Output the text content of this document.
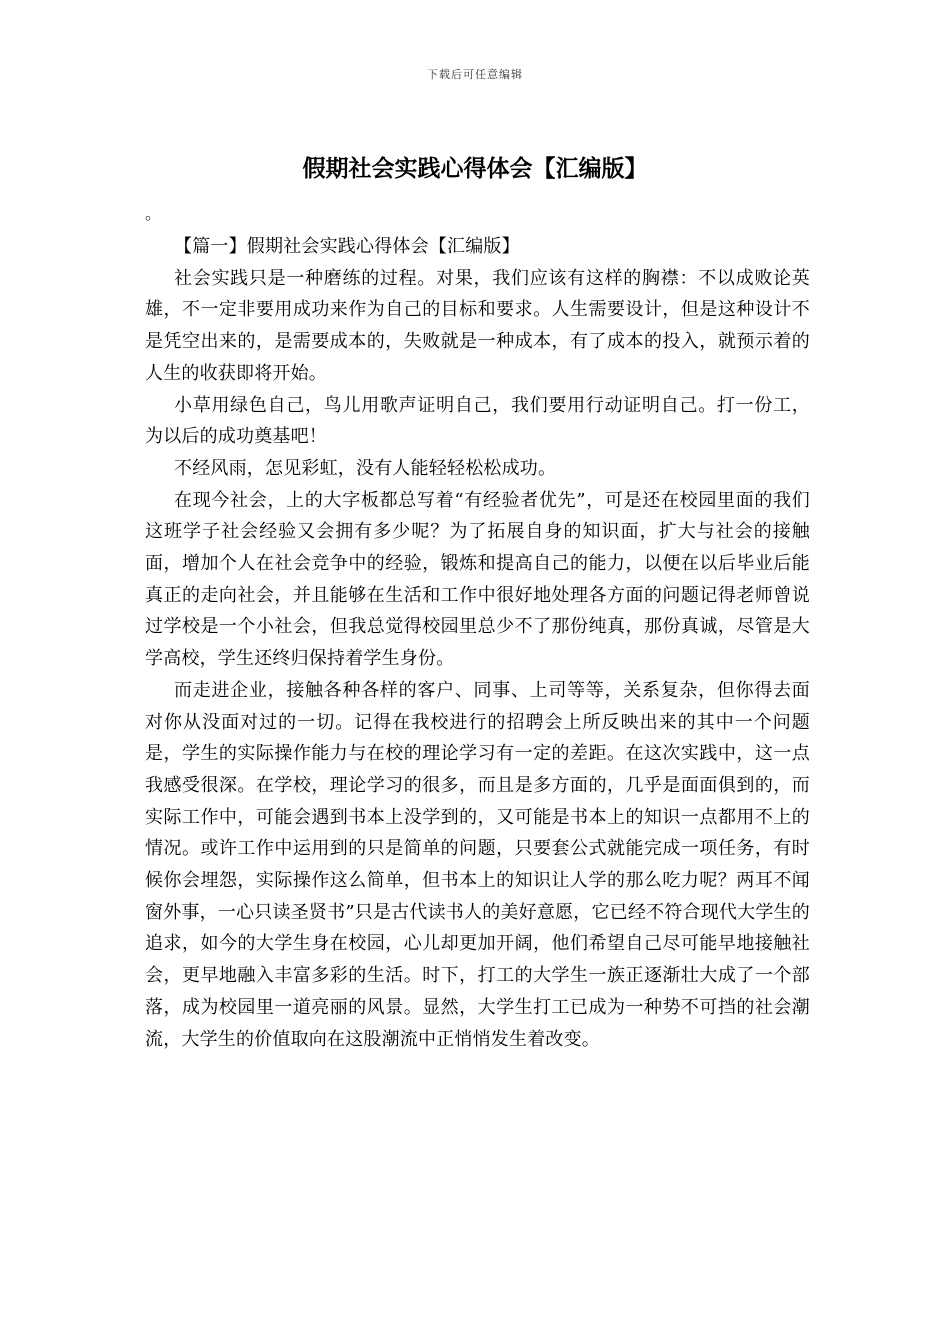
下载后可任意编辑
假期社会实践心得体会【汇编版】
。

【篇一】假期社会实践心得体会【汇编版】

社会实践只是一种磨练的过程。对果，我们应该有这样的胸襟：不以成败论英雄，不一定非要用成功来作为自己的目标和要求。人生需要设计，但是这种设计不是凭空出来的，是需要成本的，失败就是一种成本，有了成本的投入，就预示着的人生的收获即将开始。

小草用绿色自己，鸟儿用歌声证明自己，我们要用行动证明自己。打一份工，为以后的成功奠基吧！

不经风雨，怎见彩虹，没有人能轻轻松松成功。

在现今社会，上的大字板都总写着“有经验者优先”，可是还在校园里面的我们这班学子社会经验又会拥有多少呢？为了拓展自身的知识面，扩大与社会的接触面，增加个人在社会竞争中的经验，锻炼和提高自己的能力，以便在以后毕业后能真正的走向社会，并且能够在生活和工作中很好地处理各方面的问题记得老师曾说过学校是一个小社会，但我总觉得校园里总少不了那份纯真，那份真诚，尽管是大学高校，学生还终归保持着学生身份。

而走进企业，接触各种各样的客户、同事、上司等等，关系复杂，但你得去面对你从没面对过的一切。记得在我校进行的招聘会上所反映出来的其中一个问题是，学生的实际操作能力与在校的理论学习有一定的差距。在这次实践中，这一点我感受很深。在学校，理论学习的很多，而且是多方面的，几乎是面面俱到的，而实际工作中，可能会遇到书本上没学到的，又可能是书本上的知识一点都用不上的情况。或许工作中运用到的只是简单的问题，只要套公式就能完成一项任务，有时候你会埋怨，实际操作这么简单，但书本上的知识让人学的那么吃力呢？两耳不闻窗外事，一心只读圣贤书”只是古代读书人的美好意愿，它已经不符合现代大学生的追求，如今的大学生身在校园，心儿却更加开阔，他们希望自己尽可能早地接触社会，更早地融入丰富多彩的生活。时下，打工的大学生一族正逐渐壮大成了一个部落，成为校园里一道亮丽的风景。显然，大学生打工已成为一种势不可挡的社会潮流，大学生的价值取向在这股潮流中正悄悄发生着改变。
